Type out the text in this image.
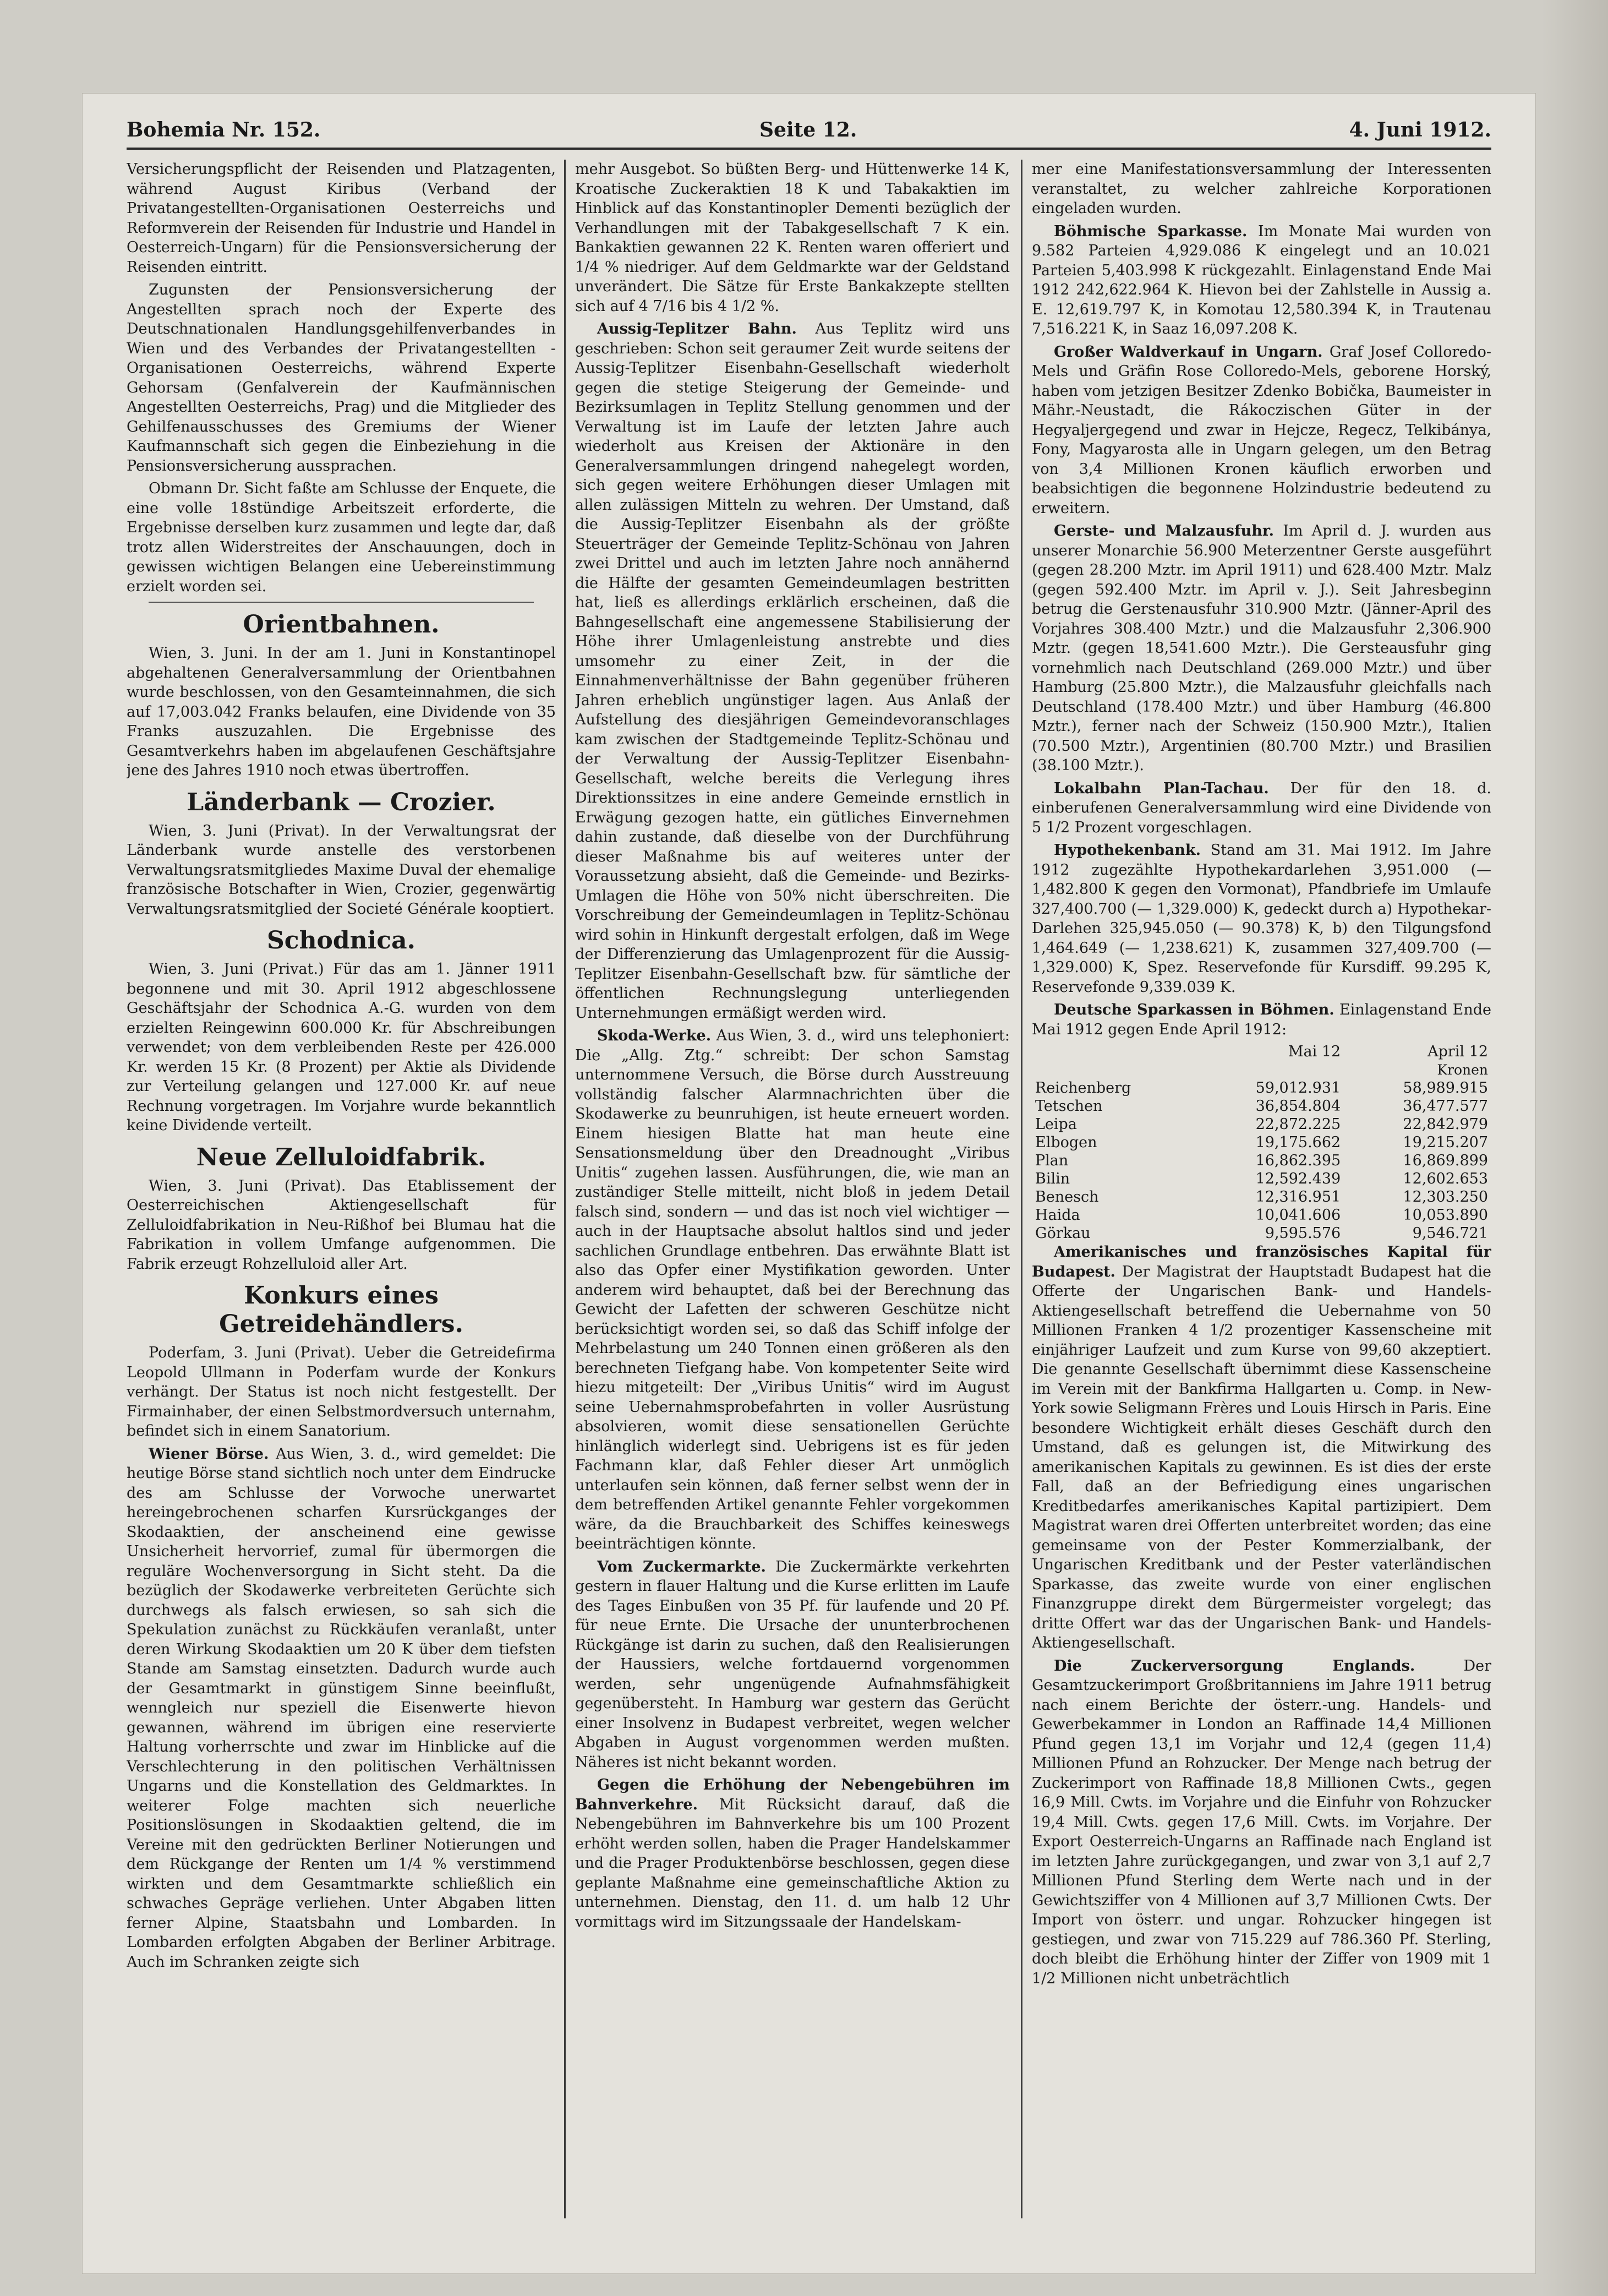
Bohemia Nr. 152.	Seite 12.	4. Juni 1912.

Versicherungspflicht der Reisenden und Platzagenten, während August Kiribus (Verband der Privatangestellten-Organisationen Oesterreichs und Reformverein der Reisenden für Industrie und Handel in Oesterreich-Ungarn) für die Pensionsversicherung der Reisenden eintritt.

Zugunsten der Pensionsversicherung der Angestellten sprach noch der Experte des Deutschnationalen Handlungsgehilfenverbandes in Wien und des Verbandes der Privatangestellten - Organisationen Oesterreichs, während Experte Gehorsam (Genfalverein der Kaufmännischen Angestellten Oesterreichs, Prag) und die Mitglieder des Gehilfenausschusses des Gremiums der Wiener Kaufmannschaft sich gegen die Einbeziehung in die Pensionsversicherung aussprachen.

Obmann Dr. Sicht faßte am Schlusse der Enquete, die eine volle 18stündige Arbeitszeit erforderte, die Ergebnisse derselben kurz zusammen und legte dar, daß trotz allen Widerstreites der Anschauungen, doch in gewissen wichtigen Belangen eine Uebereinstimmung erzielt worden sei.

Orientbahnen.

Wien, 3. Juni. In der am 1. Juni in Konstantinopel abgehaltenen Generalversammlung der Orientbahnen wurde beschlossen, von den Gesamteinnahmen, die sich auf 17,003.042 Franks belaufen, eine Dividende von 35 Franks auszuzahlen. Die Ergebnisse des Gesamtverkehrs haben im abgelaufenen Geschäftsjahre jene des Jahres 1910 noch etwas übertroffen.

Länderbank — Crozier.

Wien, 3. Juni (Privat). In der Verwaltungsrat der Länderbank wurde anstelle des verstorbenen Verwaltungsratsmitgliedes Maxime Duval der ehemalige französische Botschafter in Wien, Crozier, gegenwärtig Verwaltungsratsmitglied der Societé Générale kooptiert.

Schodnica.

Wien, 3. Juni (Privat.) Für das am 1. Jänner 1911 begonnene und mit 30. April 1912 abgeschlossene Geschäftsjahr der Schodnica A.-G. wurden von dem erzielten Reingewinn 600.000 Kr. für Abschreibungen verwendet; von dem verbleibenden Reste per 426.000 Kr. werden 15 Kr. (8 Prozent) per Aktie als Dividende zur Verteilung gelangen und 127.000 Kr. auf neue Rechnung vorgetragen. Im Vorjahre wurde bekanntlich keine Dividende verteilt.

Neue Zelluloidfabrik.

Wien, 3. Juni (Privat). Das Etablissement der Oesterreichischen Aktiengesellschaft für Zelluloidfabrikation in Neu-Rißhof bei Blumau hat die Fabrikation in vollem Umfange aufgenommen. Die Fabrik erzeugt Rohzelluloid aller Art.

Konkurs eines Getreidehändlers.

Poderfam, 3. Juni (Privat). Ueber die Getreidefirma Leopold Ullmann in Poderfam wurde der Konkurs verhängt. Der Status ist noch nicht festgestellt. Der Firmainhaber, der einen Selbstmordversuch unternahm, befindet sich in einem Sanatorium.

Wiener Börse. Aus Wien, 3. d., wird gemeldet: Die heutige Börse stand sichtlich noch unter dem Eindrucke des am Schlusse der Vorwoche unerwartet hereingebrochenen scharfen Kursrückganges der Skodaaktien, der anscheinend eine gewisse Unsicherheit hervorrief, zumal für übermorgen die reguläre Wochenversorgung in Sicht steht. Da die bezüglich der Skodawerke verbreiteten Gerüchte sich durchwegs als falsch erwiesen, so sah sich die Spekulation zunächst zu Rückkäufen veranlaßt, unter deren Wirkung Skodaaktien um 20 K über dem tiefsten Stande am Samstag einsetzten. Dadurch wurde auch der Gesamtmarkt in günstigem Sinne beeinflußt, wenngleich nur speziell die Eisenwerte hievon gewannen, während im übrigen eine reservierte Haltung vorherrschte und zwar im Hinblicke auf die Verschlechterung in den politischen Verhältnissen Ungarns und die Konstellation des Geldmarktes. In weiterer Folge machten sich neuerliche Positionslösungen in Skodaaktien geltend, die im Vereine mit den gedrückten Berliner Notierungen und dem Rückgange der Renten um 1/4 % verstimmend wirkten und dem Gesamtmarkte schließlich ein schwaches Gepräge verliehen. Unter Abgaben litten ferner Alpine, Staatsbahn und Lombarden. In Lombarden erfolgten Abgaben der Berliner Arbitrage. Auch im Schranken zeigte sich

mehr Ausgebot. So büßten Berg- und Hüttenwerke 14 K, Kroatische Zuckeraktien 18 K und Tabakaktien im Hinblick auf das Konstantinopler Dementi bezüglich der Verhandlungen mit der Tabakgesellschaft 7 K ein. Bankaktien gewannen 22 K. Renten waren offeriert und 1/4 % niedriger. Auf dem Geldmarkte war der Geldstand unverändert. Die Sätze für Erste Bankakzepte stellten sich auf 4 7/16 bis 4 1/2 %.

Aussig-Teplitzer Bahn. Aus Teplitz wird uns geschrieben: Schon seit geraumer Zeit wurde seitens der Aussig-Teplitzer Eisenbahn-Gesellschaft wiederholt gegen die stetige Steigerung der Gemeinde- und Bezirksumlagen in Teplitz Stellung genommen und der Verwaltung ist im Laufe der letzten Jahre auch wiederholt aus Kreisen der Aktionäre in den Generalversammlungen dringend nahegelegt worden, sich gegen weitere Erhöhungen dieser Umlagen mit allen zulässigen Mitteln zu wehren. Der Umstand, daß die Aussig-Teplitzer Eisenbahn als der größte Steuerträger der Gemeinde Teplitz-Schönau von Jahren zwei Drittel und auch im letzten Jahre noch annähernd die Hälfte der gesamten Gemeindeumlagen bestritten hat, ließ es allerdings erklärlich erscheinen, daß die Bahngesellschaft eine angemessene Stabilisierung der Höhe ihrer Umlagenleistung anstrebte und dies umsomehr zu einer Zeit, in der die Einnahmenverhältnisse der Bahn gegenüber früheren Jahren erheblich ungünstiger lagen. Aus Anlaß der Aufstellung des diesjährigen Gemeindevoranschlages kam zwischen der Stadtgemeinde Teplitz-Schönau und der Verwaltung der Aussig-Teplitzer Eisenbahn-Gesellschaft, welche bereits die Verlegung ihres Direktionssitzes in eine andere Gemeinde ernstlich in Erwägung gezogen hatte, ein gütliches Einvernehmen dahin zustande, daß dieselbe von der Durchführung dieser Maßnahme bis auf weiteres unter der Voraussetzung absieht, daß die Gemeinde- und Bezirks-Umlagen die Höhe von 50% nicht überschreiten. Die Vorschreibung der Gemeindeumlagen in Teplitz-Schönau wird sohin in Hinkunft dergestalt erfolgen, daß im Wege der Differenzierung das Umlagenprozent für die Aussig-Teplitzer Eisenbahn-Gesellschaft bzw. für sämtliche der öffentlichen Rechnungslegung unterliegenden Unternehmungen ermäßigt werden wird.

Skoda-Werke. Aus Wien, 3. d., wird uns telephoniert: Die „Allg. Ztg.“ schreibt: Der schon Samstag unternommene Versuch, die Börse durch Ausstreuung vollständig falscher Alarmnachrichten über die Skodawerke zu beunruhigen, ist heute erneuert worden. Einem hiesigen Blatte hat man heute eine Sensationsmeldung über den Dreadnought „Viribus Unitis“ zugehen lassen. Ausführungen, die, wie man an zuständiger Stelle mitteilt, nicht bloß in jedem Detail falsch sind, sondern — und das ist noch viel wichtiger — auch in der Hauptsache absolut haltlos sind und jeder sachlichen Grundlage entbehren. Das erwähnte Blatt ist also das Opfer einer Mystifikation geworden. Unter anderem wird behauptet, daß bei der Berechnung das Gewicht der Lafetten der schweren Geschütze nicht berücksichtigt worden sei, so daß das Schiff infolge der Mehrbelastung um 240 Tonnen einen größeren als den berechneten Tiefgang habe. Von kompetenter Seite wird hiezu mitgeteilt: Der „Viribus Unitis“ wird im August seine Uebernahmsprobefahrten in voller Ausrüstung absolvieren, womit diese sensationellen Gerüchte hinlänglich widerlegt sind. Uebrigens ist es für jeden Fachmann klar, daß Fehler dieser Art unmöglich unterlaufen sein können, daß ferner selbst wenn der in dem betreffenden Artikel genannte Fehler vorgekommen wäre, da die Brauchbarkeit des Schiffes keineswegs beeinträchtigen könnte.

Vom Zuckermarkte. Die Zuckermärkte verkehrten gestern in flauer Haltung und die Kurse erlitten im Laufe des Tages Einbußen von 35 Pf. für laufende und 20 Pf. für neue Ernte. Die Ursache der ununterbrochenen Rückgänge ist darin zu suchen, daß den Realisierungen der Haussiers, welche fortdauernd vorgenommen werden, sehr ungenügende Aufnahmsfähigkeit gegenübersteht. In Hamburg war gestern das Gerücht einer Insolvenz in Budapest verbreitet, wegen welcher Abgaben in August vorgenommen werden mußten. Näheres ist nicht bekannt worden.

Gegen die Erhöhung der Nebengebühren im Bahnverkehre. Mit Rücksicht darauf, daß die Nebengebühren im Bahnverkehre bis um 100 Prozent erhöht werden sollen, haben die Prager Handelskammer und die Prager Produktenbörse beschlossen, gegen diese geplante Maßnahme eine gemeinschaftliche Aktion zu unternehmen. Dienstag, den 11. d. um halb 12 Uhr vormittags wird im Sitzungssaale der Handelskam-

mer eine Manifestationsversammlung der Interessenten veranstaltet, zu welcher zahlreiche Korporationen eingeladen wurden.

Böhmische Sparkasse. Im Monate Mai wurden von 9.582 Parteien 4,929.086 K eingelegt und an 10.021 Parteien 5,403.998 K rückgezahlt. Einlagenstand Ende Mai 1912 242,622.964 K. Hievon bei der Zahlstelle in Aussig a. E. 12,619.797 K, in Komotau 12,580.394 K, in Trautenau 7,516.221 K, in Saaz 16,097.208 K.

Großer Waldverkauf in Ungarn. Graf Josef Colloredo-Mels und Gräfin Rose Colloredo-Mels, geborene Horský, haben vom jetzigen Besitzer Zdenko Bobička, Baumeister in Mähr.-Neustadt, die Rákoczischen Güter in der Hegyaljergegend und zwar in Hejcze, Regecz, Telkibánya, Fony, Magyarosta alle in Ungarn gelegen, um den Betrag von 3,4 Millionen Kronen käuflich erworben und beabsichtigen die begonnene Holzindustrie bedeutend zu erweitern.

Gerste- und Malzausfuhr. Im April d. J. wurden aus unserer Monarchie 56.900 Meterzentner Gerste ausgeführt (gegen 28.200 Mztr. im April 1911) und 628.400 Mztr. Malz (gegen 592.400 Mztr. im April v. J.). Seit Jahresbeginn betrug die Gerstenausfuhr 310.900 Mztr. (Jänner-April des Vorjahres 308.400 Mztr.) und die Malzausfuhr 2,306.900 Mztr. (gegen 18,541.600 Mztr.). Die Gersteausfuhr ging vornehmlich nach Deutschland (269.000 Mztr.) und über Hamburg (25.800 Mztr.), die Malzausfuhr gleichfalls nach Deutschland (178.400 Mztr.) und über Hamburg (46.800 Mztr.), ferner nach der Schweiz (150.900 Mztr.), Italien (70.500 Mztr.), Argentinien (80.700 Mztr.) und Brasilien (38.100 Mztr.).

Lokalbahn Plan-Tachau. Der für den 18. d. einberufenen Generalversammlung wird eine Dividende von 5 1/2 Prozent vorgeschlagen.

Hypothekenbank. Stand am 31. Mai 1912. Im Jahre 1912 zugezählte Hypothekardarlehen 3,951.000 (— 1,482.800 K gegen den Vormonat), Pfandbriefe im Umlaufe 327,400.700 (— 1,329.000) K, gedeckt durch a) Hypothekar-Darlehen 325,945.050 (— 90.378) K, b) den Tilgungsfond 1,464.649 (— 1,238.621) K, zusammen 327,409.700 (— 1,329.000) K, Spez. Reservefonde für Kursdiff. 99.295 K, Reservefonde 9,339.039 K.

Deutsche Sparkassen in Böhmen. Einlagenstand Ende Mai 1912 gegen Ende April 1912:

	Mai 12	April 12
Kronen		
Reichenberg	59,012.931	58,989.915
Tetschen	36,854.804	36,477.577
Leipa	22,872.225	22,842.979
Elbogen	19,175.662	19,215.207
Plan	16,862.395	16,869.899
Bilin	12,592.439	12,602.653
Benesch	12,316.951	12,303.250
Haida	10,041.606	10,053.890
Görkau	9,595.576	9,546.721

Amerikanisches und französisches Kapital für Budapest. Der Magistrat der Hauptstadt Budapest hat die Offerte der Ungarischen Bank- und Handels-Aktiengesellschaft betreffend die Uebernahme von 50 Millionen Franken 4 1/2 prozentiger Kassenscheine mit einjähriger Laufzeit und zum Kurse von 99,60 akzeptiert. Die genannte Gesellschaft übernimmt diese Kassenscheine im Verein mit der Bankfirma Hallgarten u. Comp. in New-York sowie Seligmann Frères und Louis Hirsch in Paris. Eine besondere Wichtigkeit erhält dieses Geschäft durch den Umstand, daß es gelungen ist, die Mitwirkung des amerikanischen Kapitals zu gewinnen. Es ist dies der erste Fall, daß an der Befriedigung eines ungarischen Kreditbedarfes amerikanisches Kapital partizipiert. Dem Magistrat waren drei Offerten unterbreitet worden; das eine gemeinsame von der Pester Kommerzialbank, der Ungarischen Kreditbank und der Pester vaterländischen Sparkasse, das zweite wurde von einer englischen Finanzgruppe direkt dem Bürgermeister vorgelegt; das dritte Offert war das der Ungarischen Bank- und Handels-Aktiengesellschaft.

Die Zuckerversorgung Englands.	Der Gesamtzuckerimport Großbritanniens im Jahre 1911 betrug nach einem Berichte der österr.-ung. Handels- und Gewerbekammer in London an Raffinade 14,4 Millionen Pfund gegen 13,1 im Vorjahr und 12,4 (gegen 11,4) Millionen Pfund an Rohzucker. Der Menge nach betrug der Zuckerimport von Raffinade 18,8 Millionen Cwts., gegen 16,9 Mill. Cwts. im Vorjahre und die Einfuhr von Rohzucker 19,4 Mill. Cwts. gegen 17,6 Mill. Cwts. im Vorjahre. Der Export Oesterreich-Ungarns an Raffinade nach England ist im letzten Jahre zurückgegangen, und zwar von 3,1 auf 2,7 Millionen Pfund Sterling dem Werte nach und in der Gewichtsziffer von 4 Millionen auf 3,7 Millionen Cwts. Der Import von österr. und ungar. Rohzucker hingegen ist gestiegen, und zwar von 715.229 auf 786.360 Pf. Sterling, doch bleibt die Erhöhung hinter der Ziffer von 1909 mit 1 1/2 Millionen nicht unbeträchtlich
